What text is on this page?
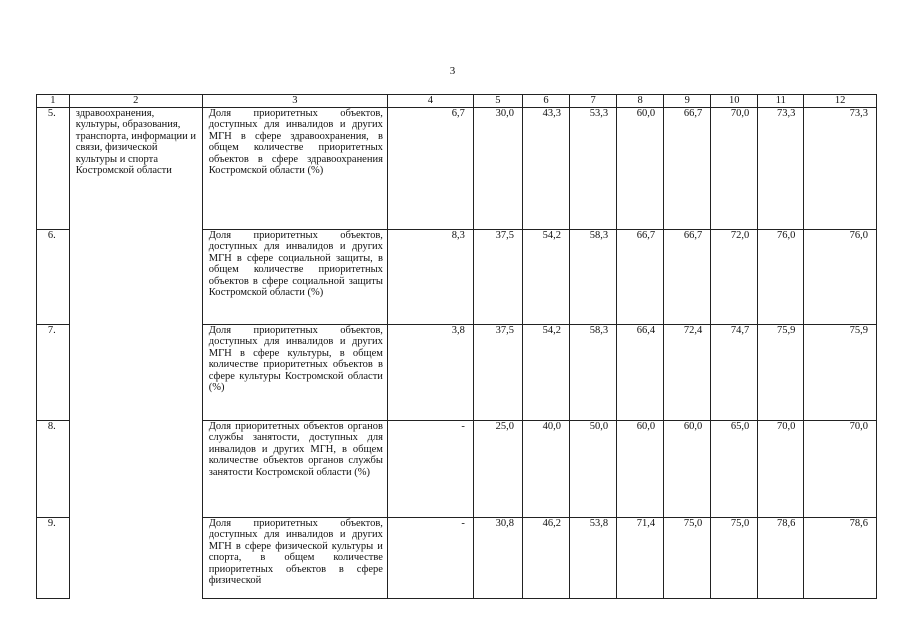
3
1	2	3	4	5	6	7	8	9	10	11	12
5.	здравоохранения, культуры, образования, транспорта, информации и связи, физической культуры и спорта Костромской области	Доля приоритетных объектов, доступных для инвалидов и других МГН в сфере здравоохранения, в общем количестве приоритетных объектов в сфере здравоохранения Костромской области (%)	6,7	30,0	43,3	53,3	60,0	66,7	70,0	73,3	73,3
6.		Доля приоритетных объектов, доступных для инвалидов и других МГН в сфере социальной защиты, в общем количестве приоритетных объектов в сфере социальной защиты Костромской области (%)	8,3	37,5	54,2	58,3	66,7	66,7	72,0	76,0	76,0
7.		Доля приоритетных объектов, доступных для инвалидов и других МГН в сфере культуры, в общем количестве приоритетных объектов в сфере культуры Костромской области (%)	3,8	37,5	54,2	58,3	66,4	72,4	74,7	75,9	75,9
8.		Доля приоритетных объектов органов службы занятости, доступных для инвалидов и других МГН, в общем количестве объектов органов службы занятости Костромской области (%)	-	25,0	40,0	50,0	60,0	60,0	65,0	70,0	70,0
9.		Доля приоритетных объектов, доступных для инвалидов и других МГН в сфере физической культуры и спорта, в общем количестве приоритетных объектов в сфере физической	-	30,8	46,2	53,8	71,4	75,0	75,0	78,6	78,6
